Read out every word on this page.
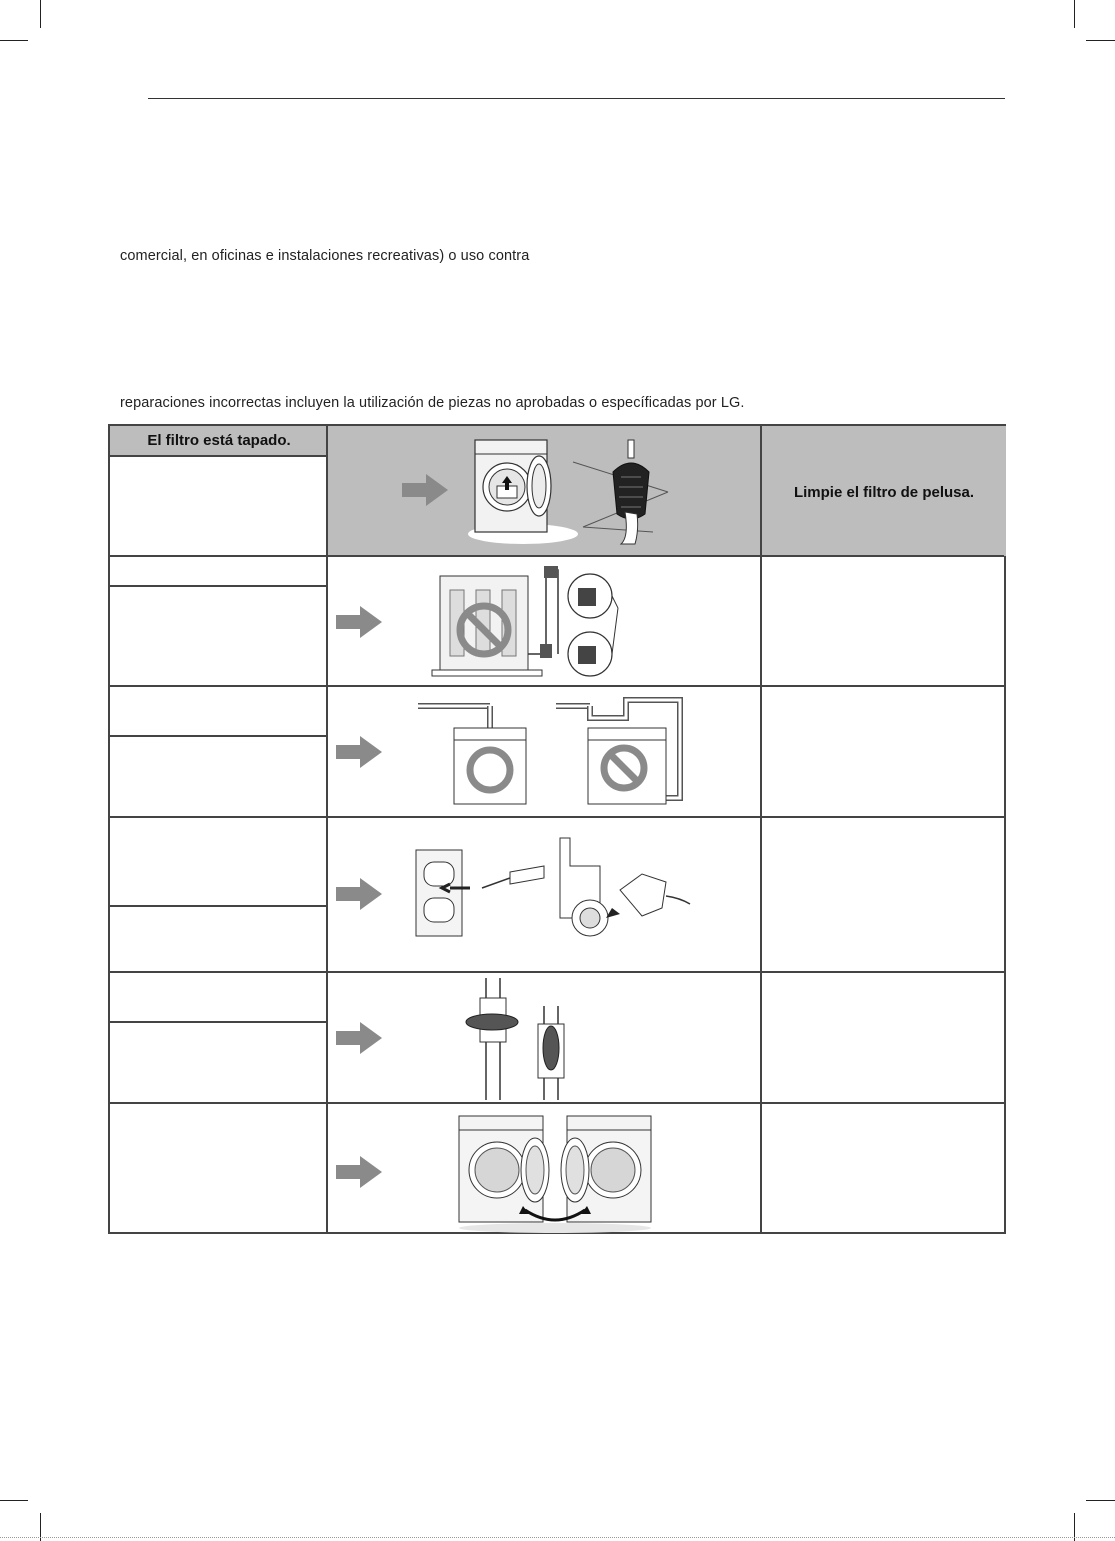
comercial, en oficinas e instalaciones recreativas) o uso contra
reparaciones incorrectas incluyen la utilización de piezas no aprobadas o específicadas por LG.
El filtro está tapado.
Limpie el filtro de pelusa.
